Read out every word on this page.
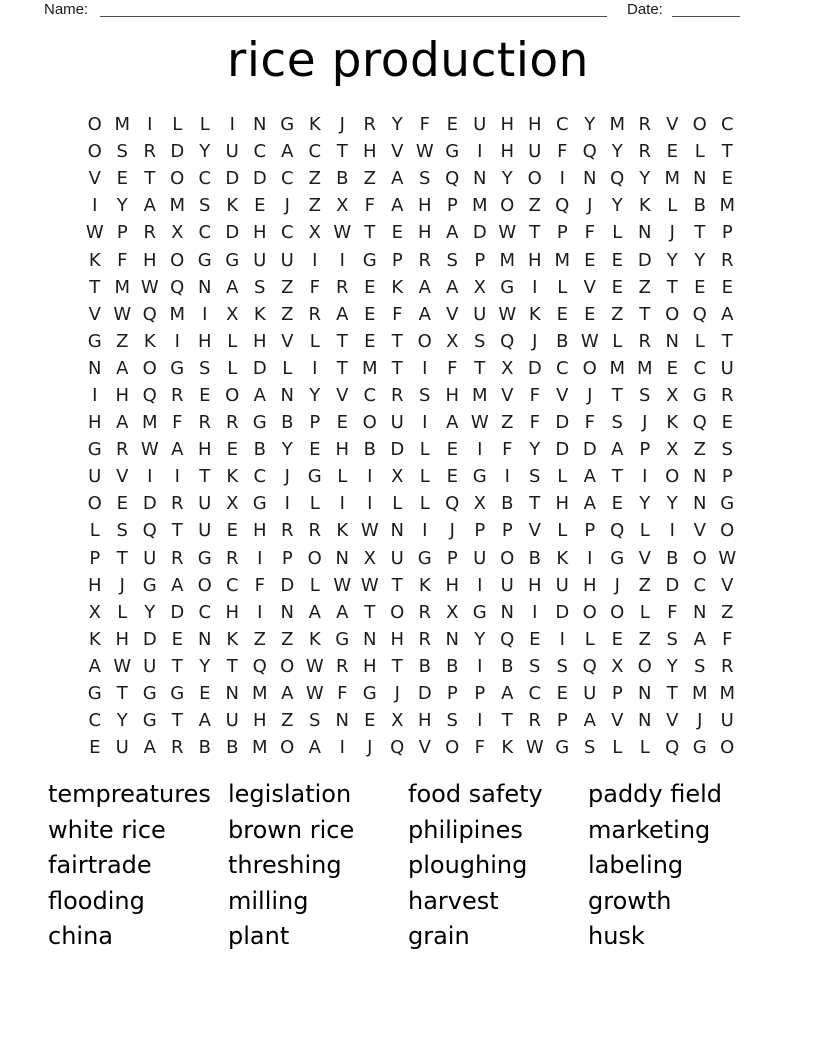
Name:	Date:
rice production
O M I	L L	I	N G K	J	R Y F E U H H C Y M R V O C
O S R D Y U C A C T H V W G I	H U F Q Y R E L T
V E T O C D D C Z B Z A S Q N Y O I	N Q Y M N E
I	Y A M S K E	J	Z X F A H P M O Z Q J	Y K L B M
W P R X C D H C X W T E H A D W T P F L N	J	T P
K F H O G G U U	I	I G P R S P M H M E E D Y Y R
T M W Q N A S Z F R E K A A X G I	L V E Z T E E
V W Q M I	X K Z R A E F A V U W K E E Z T O Q A
G Z K	I	H L H V L T E T O X S Q J	B W L R N L T
N A O G S L D L	I	T M T	I	F T X D C O M M E C U
I	H Q R E O A N Y V C R S H M V F V	J	T S X G R
H A M F R R G B P E O U	I	A W Z F D F S	J	K Q E
G R W A H E B Y E H B D L E	I	F Y D D A P X Z S
U V	I	I	T K C	J G L	I	X L E G I	S L A T	I O N P
O E D R U X G I	L	I	I	L L Q X B T H A E Y Y N G
L S Q T U E H R R K W N	I	J	P P V L P Q L	I	V O
P T U R G R	I	P O N X U G P U O B K	I G V B O W
H	J G A O C F D L W W T K H	I	U H U H	J	Z D C V
X L Y D C H	I	N A A T O R X G N	I D O O L F N Z
K H D E N K Z Z K G N H R N Y Q E	I	L E Z S A F
A W U T Y T Q O W R H T B B	I	B S S Q X O Y S R
G T G G E N M A W F G J D P P A C E U P N T M M
C Y G T A U H Z S N E X H S	I	T R P A V N V	J	U
E U A R B B M O A	I	J Q V O F K W G S L L Q G O
tempreatures
white rice
fairtrade
flooding
china
legislation
brown rice
threshing
milling
plant
food safety
philipines
ploughing
harvest
grain
paddy field
marketing
labeling
growth
husk
